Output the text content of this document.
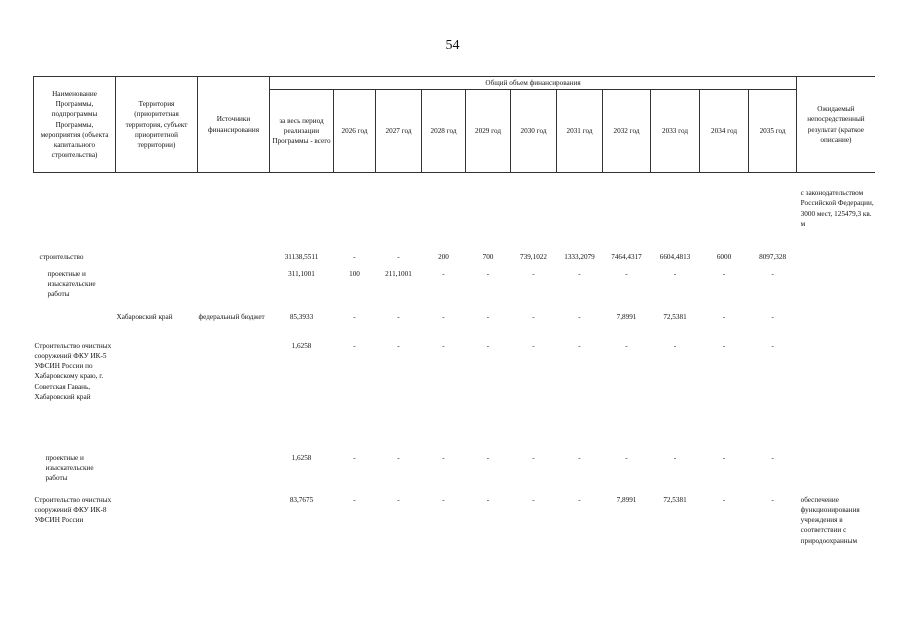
54
Наименование Программы, подпрограммы Программы, мероприятия (объекта капитального строительства)	Территория (приоритетная территория, субъект приоритетной территории)	Источники финансирования	Общий объем финансирования											Ожидаемый непосредственный результат (краткое описание)
			за весь период реализации Программы - всего	2026 год	2027 год	2028 год	2029 год	2030 год	2031 год	2032 год	2033 год	2034 год	2035 год	
														с законодательством Российской Федерации, 3000 мест, 125479,3 кв. м
строительство			31138,5511	-	-	200	700	739,1022	1333,2079	7464,4317	6604,4813	6000	8097,328	
проектные и изыскательские работы			311,1001	100	211,1001	-	-	-	-	-	-	-	-	
	Хабаровский край	федеральный бюджет	85,3933	-	-	-	-	-	-	7,8991	72,5381	-	-	
Строительство очистных сооружений ФКУ ИК-5 УФСИН России по Хабаровскому краю, г. Советская Гавань, Хабаровский край			1,6258	-	-	-	-	-	-	-	-	-	-	
проектные и изыскательские работы			1,6258	-	-	-	-	-	-	-	-	-	-	
Строительство очистных сооружений ФКУ ИК-8 УФСИН России			83,7675	-	-	-	-	-	-	7,8991	72,5381	-	-	обеспечение функционирования учреждения в соответствии с природоохранным
